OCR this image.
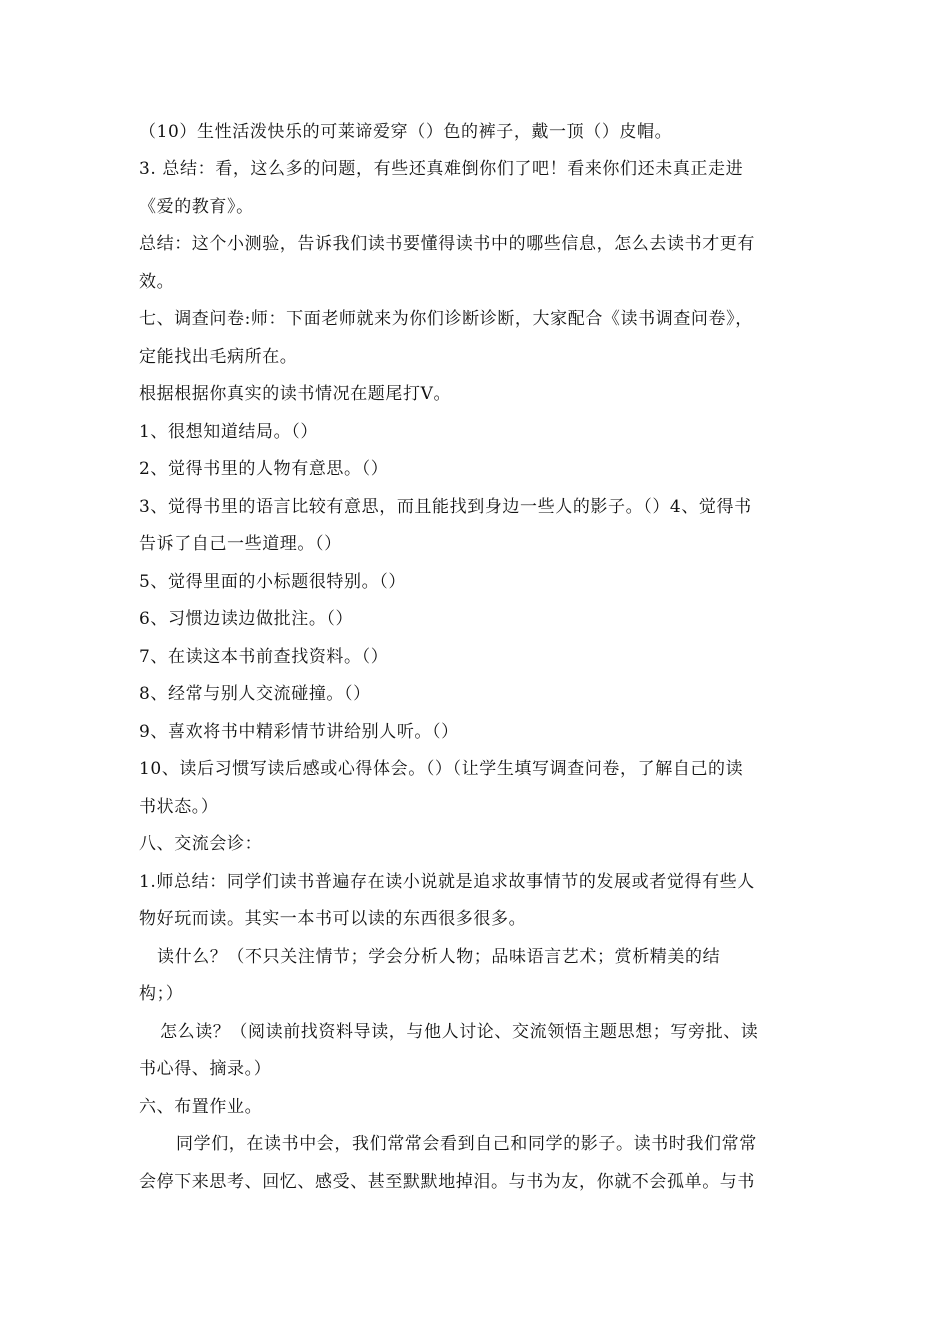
（10）生性活泼快乐的可莱谛爱穿（）色的裤子，戴一顶（）皮帽。
3. 总结：看，这么多的问题，有些还真难倒你们了吧！看来你们还未真正走进
《爱的教育》。
总结：这个小测验，告诉我们读书要懂得读书中的哪些信息，怎么去读书才更有
效。
七、调查问卷:师：下面老师就来为你们诊断诊断，大家配合《读书调查问卷》，
定能找出毛病所在。
根据根据你真实的读书情况在题尾打V。
1、很想知道结局。（）
2、觉得书里的人物有意思。（）
3、觉得书里的语言比较有意思，而且能找到身边一些人的影子。（）4、觉得书
告诉了自己一些道理。（）
5、觉得里面的小标题很特别。（）
6、习惯边读边做批注。（）
7、在读这本书前查找资料。（）
8、经常与别人交流碰撞。（）
9、喜欢将书中精彩情节讲给别人听。（）
10、读后习惯写读后感或心得体会。（）（让学生填写调查问卷，了解自己的读
书状态。）
八、交流会诊：
1.师总结：同学们读书普遍存在读小说就是追求故事情节的发展或者觉得有些人
物好玩而读。其实一本书可以读的东西很多很多。
读什么？（不只关注情节；学会分析人物；品味语言艺术；赏析精美的结
构；）
怎么读？（阅读前找资料导读，与他人讨论、交流领悟主题思想；写旁批、读
书心得、摘录。）
六、布置作业。
同学们，在读书中会，我们常常会看到自己和同学的影子。读书时我们常常
会停下来思考、回忆、感受、甚至默默地掉泪。与书为友，你就不会孤单。与书
